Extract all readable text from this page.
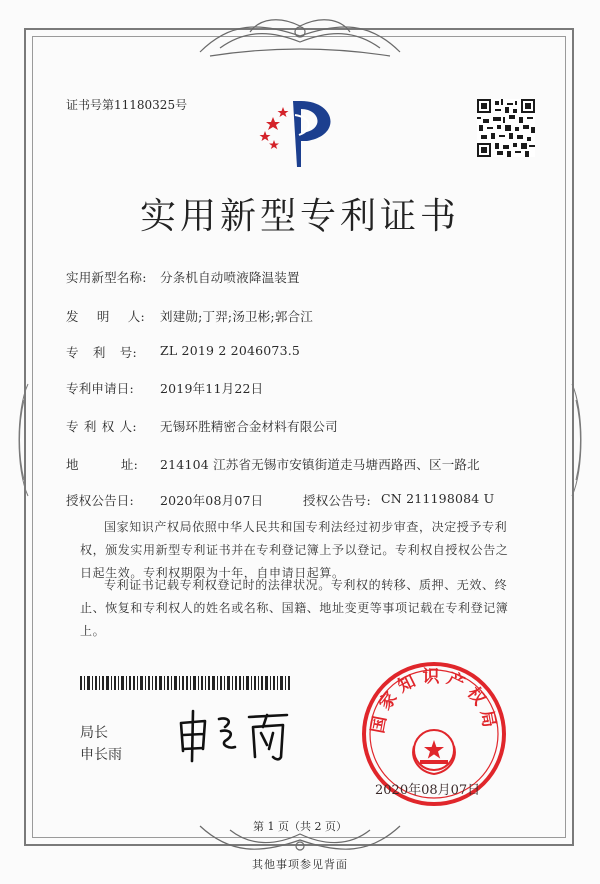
证书号第11180325号
实用新型专利证书
实用新型名称: 分条机自动喷液降温装置
发 明 人: 刘建勋;丁羿;汤卫彬;郭合江
专 利 号: ZL 2019 2 2046073.5
专利申请日: 2019年11月22日
专 利 权 人: 无锡环胜精密合金材料有限公司
地 址: 214104 江苏省无锡市安镇街道走马塘西路西、区一路北
授权公告日: 2020年08月07日	授权公告号: CN 211198084 U
国家知识产权局依照中华人民共和国专利法经过初步审查，决定授予专利权，颁发实用新型专利证书并在专利登记簿上予以登记。专利权自授权公告之日起生效。专利权期限为十年，自申请日起算。
专利证书记载专利权登记时的法律状况。专利权的转移、质押、无效、终止、恢复和专利权人的姓名或名称、国籍、地址变更等事项记载在专利登记簿上。
局长
申长雨
国家知识产权局
2020年08月07日
第 1 页（共 2 页）
其他事项参见背面
